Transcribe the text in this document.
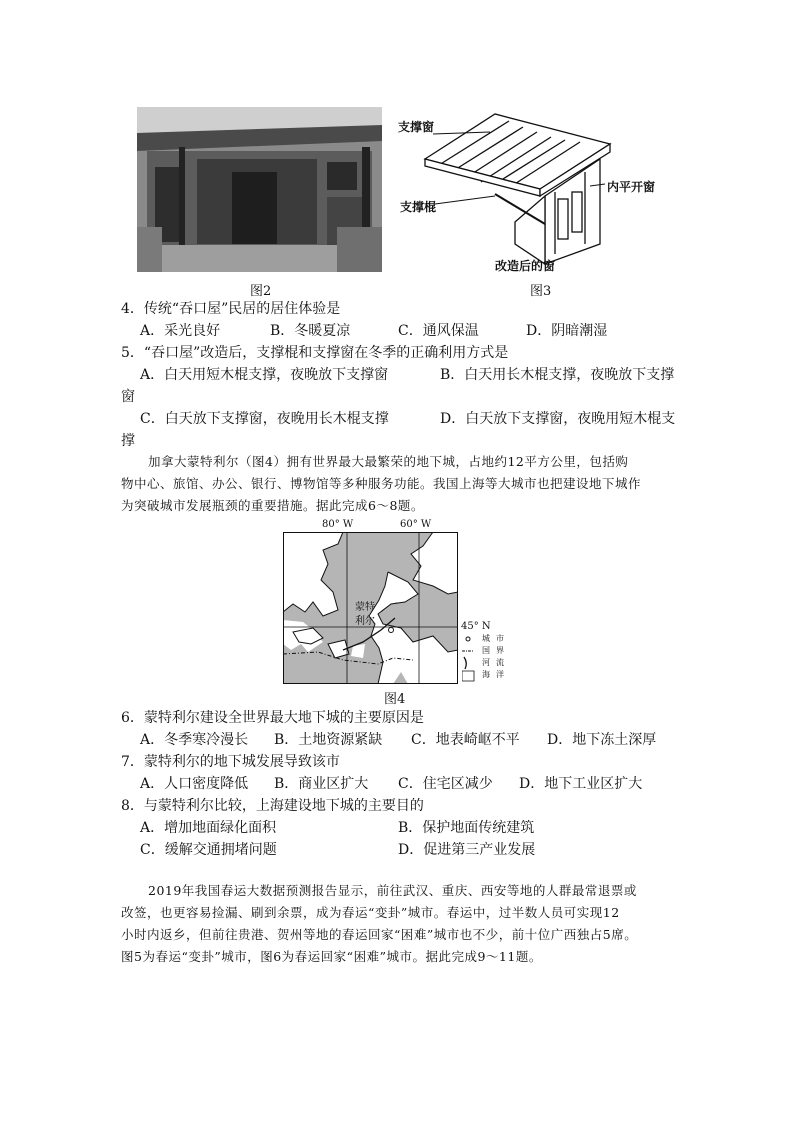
图2
支撑窗
支撑棍
内平开窗
改造后的窗
图3
4．传统“吞口屋”民居的居住体验是
A．采光良好	B．冬暖夏凉	C．通风保温	D．阴暗潮湿
5．“吞口屋”改造后，支撑棍和支撑窗在冬季的正确利用方式是
A．白天用短木棍支撑，夜晚放下支撑窗	B．白天用长木棍支撑，夜晚放下支撑
窗
C．白天放下支撑窗，夜晚用长木棍支撑	D．白天放下支撑窗，夜晚用短木棍支
撑
加拿大蒙特利尔（图4）拥有世界最大最繁荣的地下城，占地约12平方公里，包括购
物中心、旅馆、办公、银行、博物馆等多种服务功能。我国上海等大城市也把建设地下城作
为突破城市发展瓶颈的重要措施。据此完成6～8题。
80° W	60° W
蒙特
利尔	45° N
城 市
国 界
河 流
海 洋
图4
6．蒙特利尔建设全世界最大地下城的主要原因是
A．冬季寒冷漫长 B．土地资源紧缺 C．地表崎岖不平 D．地下冻土深厚
7．蒙特利尔的地下城发展导致该市
A．人口密度降低 B．商业区扩大 C．住宅区减少 D．地下工业区扩大
8．与蒙特利尔比较，上海建设地下城的主要目的
A．增加地面绿化面积	B．保护地面传统建筑
C．缓解交通拥堵问题	D．促进第三产业发展
2019年我国春运大数据预测报告显示，前往武汉、重庆、西安等地的人群最常退票或
改签，也更容易捡漏、刷到余票，成为春运“变卦”城市。春运中，过半数人员可实现12
小时内返乡，但前往贵港、贺州等地的春运回家“困难”城市也不少，前十位广西独占5席。
图5为春运“变卦”城市，图6为春运回家“困难”城市。据此完成9～11题。
